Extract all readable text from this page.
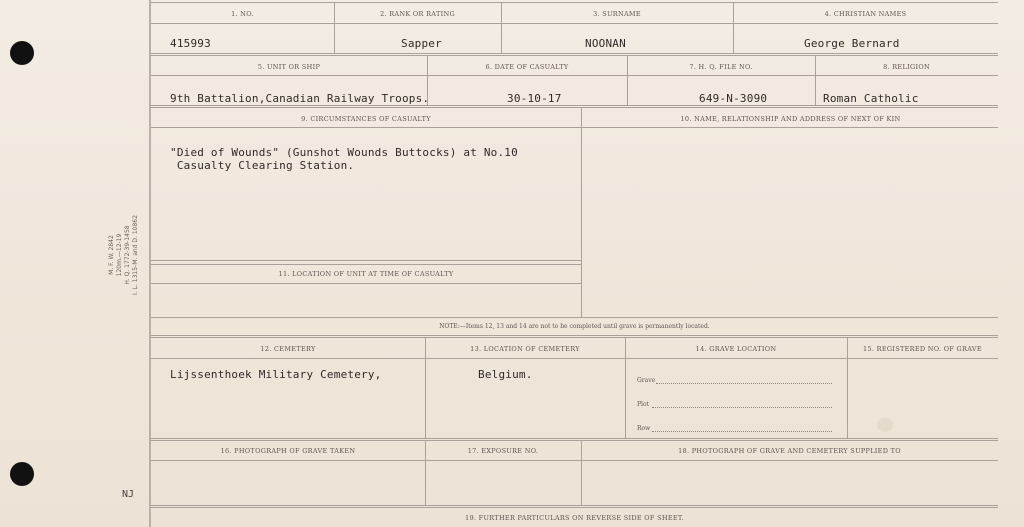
M. F. W. 2842 120m.—12-19 H. Q. 1772-39-1458 I. L. 1315-M. and D. 10862
NJ
1. NO.	2. RANK OR RATING	3. SURNAME	4. CHRISTIAN NAMES
415993	Sapper	NOONAN	George Bernard
5. UNIT OR SHIP	6. DATE OF CASUALTY	7. H. Q. FILE NO.	8. RELIGION
9th Battalion,Canadian Railway Troops.	30-10-17	649-N-3090	Roman Catholic
9. CIRCUMSTANCES OF CASUALTY	10. NAME, RELATIONSHIP AND ADDRESS OF NEXT OF KIN
"Died of Wounds" (Gunshot Wounds Buttocks) at No.10
Casualty Clearing Station.
11. LOCATION OF UNIT AT TIME OF CASUALTY
NOTE:—Items 12, 13 and 14 are not to be completed until grave is permanently located.
12. CEMETERY	13. LOCATION OF CEMETERY	14. GRAVE LOCATION	15. REGISTERED NO. OF GRAVE
Lijssenthoek Military Cemetery,	Belgium.	Grave
Plot
Row
16. PHOTOGRAPH OF GRAVE TAKEN	17. EXPOSURE NO.	18. PHOTOGRAPH OF GRAVE AND CEMETERY SUPPLIED TO
19. FURTHER PARTICULARS ON REVERSE SIDE OF SHEET.
